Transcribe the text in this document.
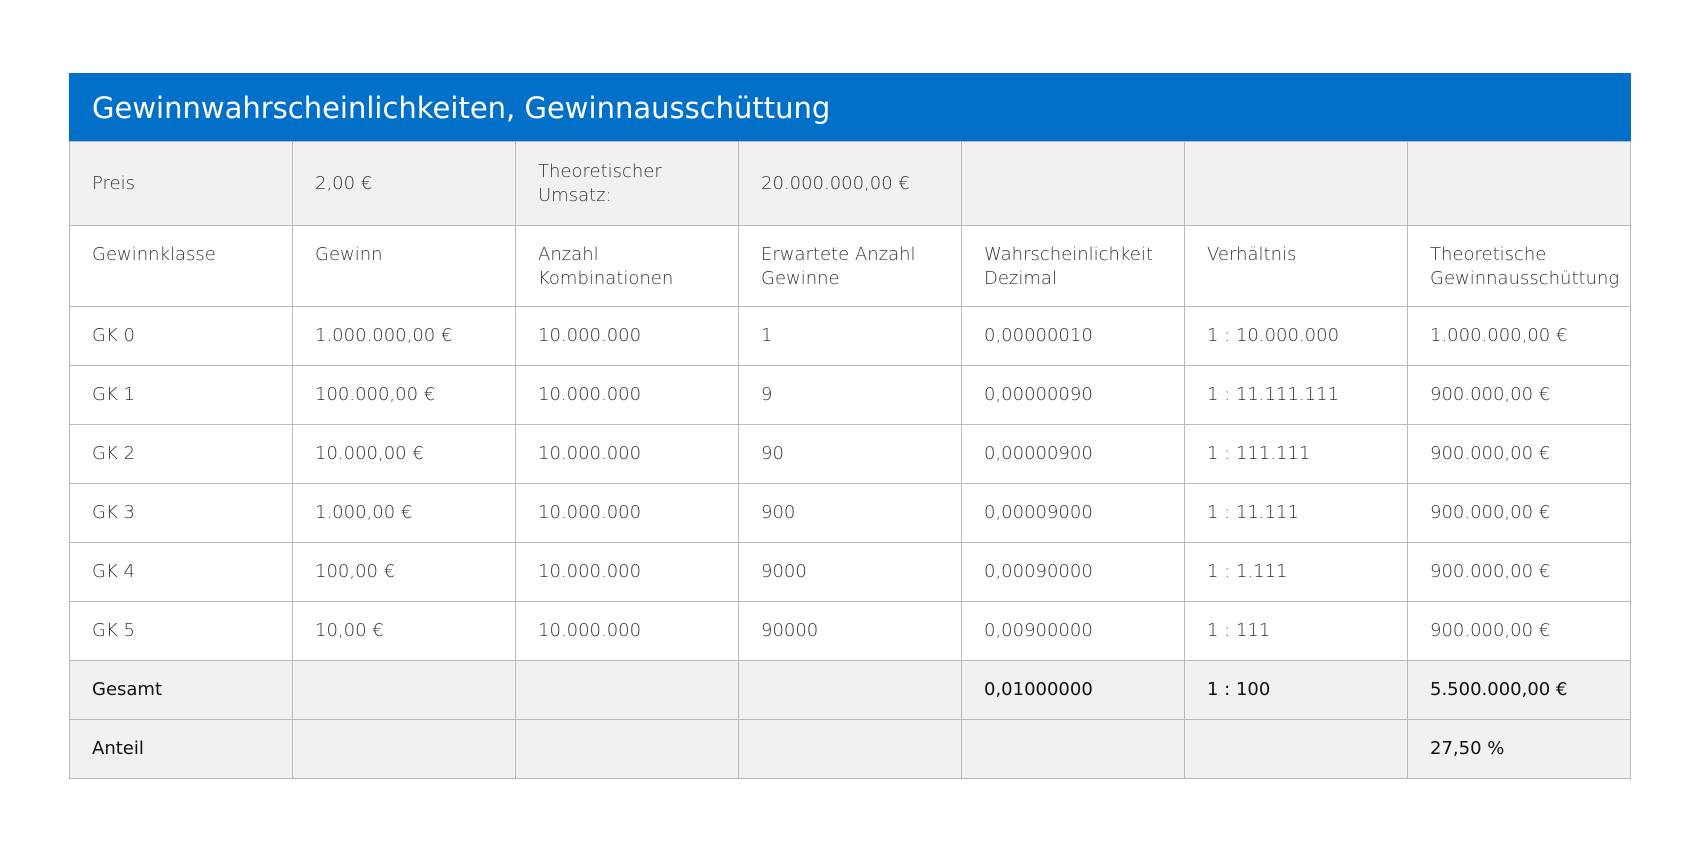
Gewinnwahrscheinlichkeiten, Gewinnausschüttung
Preis	2,00 €	Theoretischer Umsatz:	20.000.000,00 €			
Gewinnklasse	Gewinn	Anzahl Kombinationen	Erwartete Anzahl Gewinne	Wahrscheinlichkeit Dezimal	Verhältnis	Theoretische Gewinnausschüttung
GK 0	1.000.000,00 €	10.000.000	1	0,00000010	1 : 10.000.000	1.000.000,00 €
GK 1	100.000,00 €	10.000.000	9	0,00000090	1 : 11.111.111	900.000,00 €
GK 2	10.000,00 €	10.000.000	90	0,00000900	1 : 111.111	900.000,00 €
GK 3	1.000,00 €	10.000.000	900	0,00009000	1 : 11.111	900.000,00 €
GK 4	100,00 €	10.000.000	9000	0,00090000	1 : 1.111	900.000,00 €
GK 5	10,00 €	10.000.000	90000	0,00900000	1 : 111	900.000,00 €
Gesamt				0,01000000	1 : 100	5.500.000,00 €
Anteil						27,50 %
